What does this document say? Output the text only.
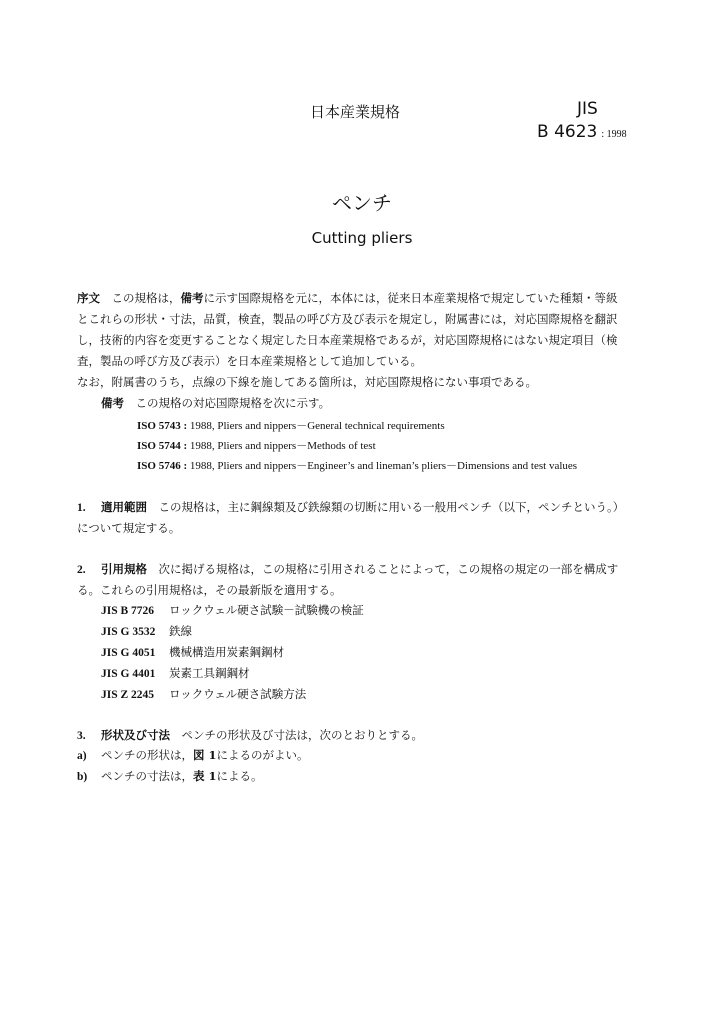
日本産業規格	JIS
B 4623 : 1998
ペンチ
Cutting pliers
序文　 この規格は，備考に示す国際規格を元に，本体には，従来日本産業規格で規定していた種類・等級
とこれらの形状・寸法，品質，検査，製品の呼び方及び表示を規定し，附属書には，対応国際規格を翻訳
し，技術的内容を変更することなく規定した日本産業規格であるが，対応国際規格にはない規定項目（検
査，製品の呼び方及び表示）を日本産業規格として追加している。
なお，附属書のうち，点線の下線を施してある箇所は，対応国際規格にない事項である。
備考　 この規格の対応国際規格を次に示す。
ISO 5743 : 1988, Pliers and nippers－General technical requirements
ISO 5744 : 1988, Pliers and nippers－Methods of test
ISO 5746 : 1988, Pliers and nippers－Engineer’s and lineman’s pliers－Dimensions and test values
1. 適用範囲　 この規格は，主に鋼線類及び鉄線類の切断に用いる一般用ペンチ（以下，ペンチという。）
について規定する。
2. 引用規格　 次に掲げる規格は，この規格に引用されることによって，この規格の規定の一部を構成す
る。これらの引用規格は，その最新版を適用する。
JIS B 7726 ロックウェル硬さ試験－試験機の検証
JIS G 3532 鉄線
JIS G 4051 機械構造用炭素鋼鋼材
JIS G 4401 炭素工具鋼鋼材
JIS Z 2245 ロックウェル硬さ試験方法
3. 形状及び寸法　 ペンチの形状及び寸法は，次のとおりとする。
a) ペンチの形状は，図 1によるのがよい。
b) ペンチの寸法は，表 1による。
